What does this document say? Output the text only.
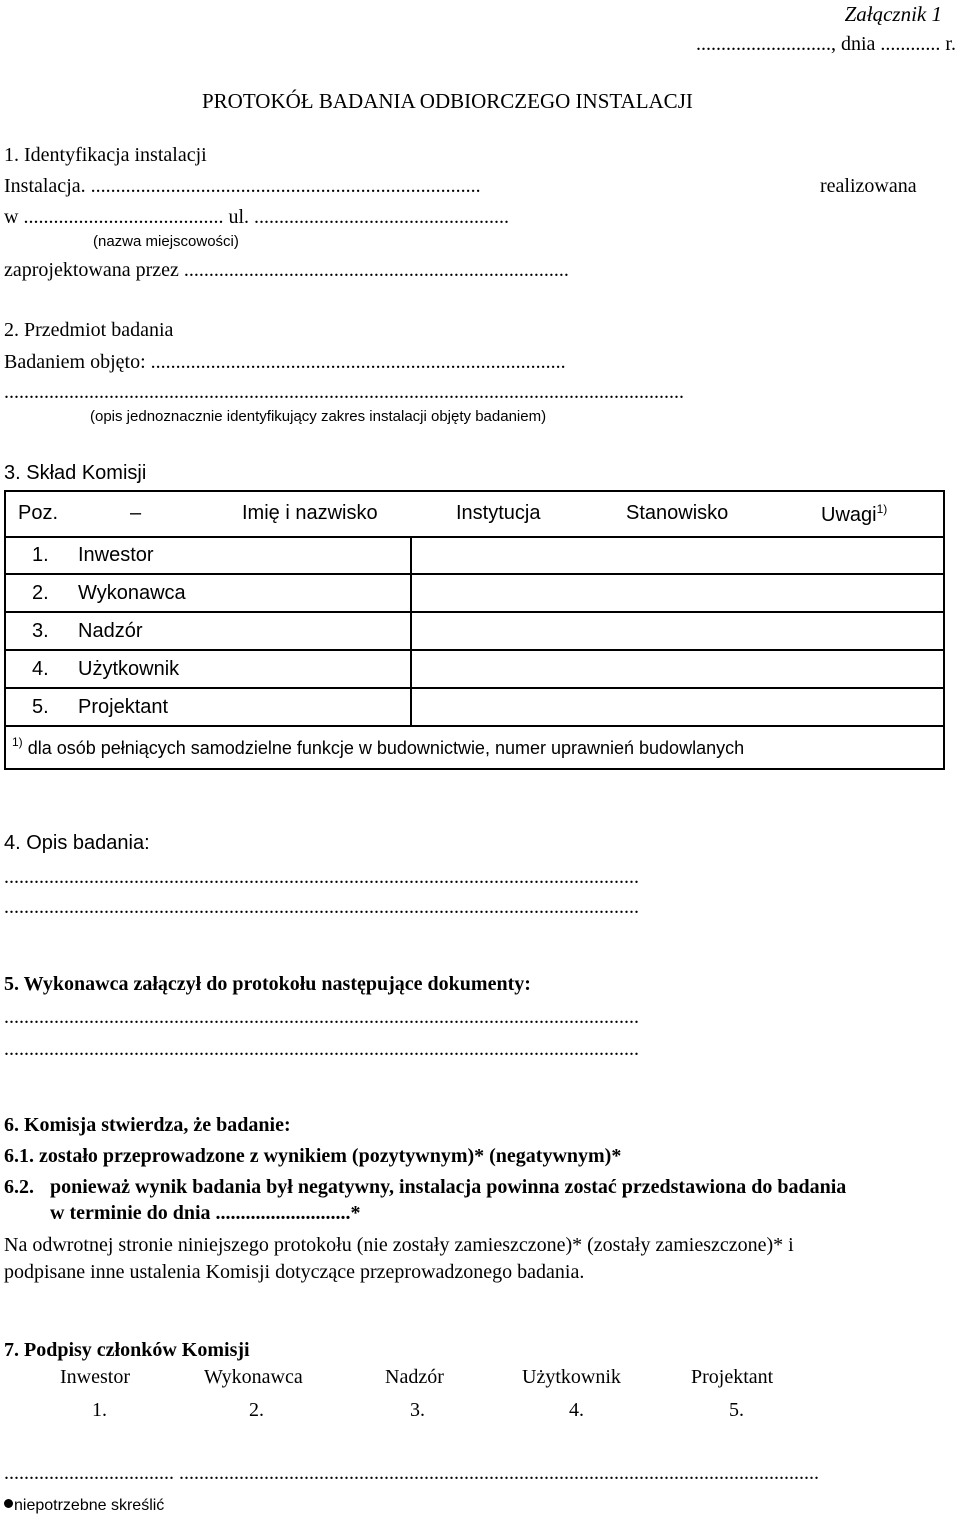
Załącznik 1
..........................., dnia ............ r.
PROTOKÓŁ BADANIA ODBIORCZEGO INSTALACJI
1. Identyfikacja instalacji
Instalacja. ..............................................................................	realizowana
w ........................................ ul. ...................................................
(nazwa miejscowości)
zaprojektowana przez .............................................................................
2. Przedmiot badania
Badaniem objęto: ...................................................................................
........................................................................................................................................
(opis jednoznacznie identyfikujący zakres instalacji objęty badaniem)
3. Skład Komisji
Poz.	–	Imię i nazwisko	Instytucja	Stanowisko	Uwagi$^{1)}$
1. Inwestor
2. Wykonawca
3. Nadzór
4. Użytkownik
5. Projektant
$^{1)}$ dla osób pełniących samodzielne funkcje w budownictwie, numer uprawnień budowlanych
4. Opis badania:
...............................................................................................................................
...............................................................................................................................
5. Wykonawca załączył do protokołu następujące dokumenty:
...............................................................................................................................
...............................................................................................................................
6. Komisja stwierdza, że badanie:
6.1. zostało przeprowadzone z wynikiem (pozytywnym)* (negatywnym)*
6.2. ponieważ wynik badania był negatywny, instalacja powinna zostać przedstawiona do badania
w terminie do dnia ...........................*
Na odwrotnej stronie niniejszego protokołu (nie zostały zamieszczone)* (zostały zamieszczone)* i
podpisane inne ustalenia Komisji dotyczące przeprowadzonego badania.
7. Podpisy członków Komisji
Inwestor	Wykonawca	Nadzór	Użytkownik	Projektant
1.	2.	3.	4.	5.
.................................. ................................................................................................................................
niepotrzebne skreślić
